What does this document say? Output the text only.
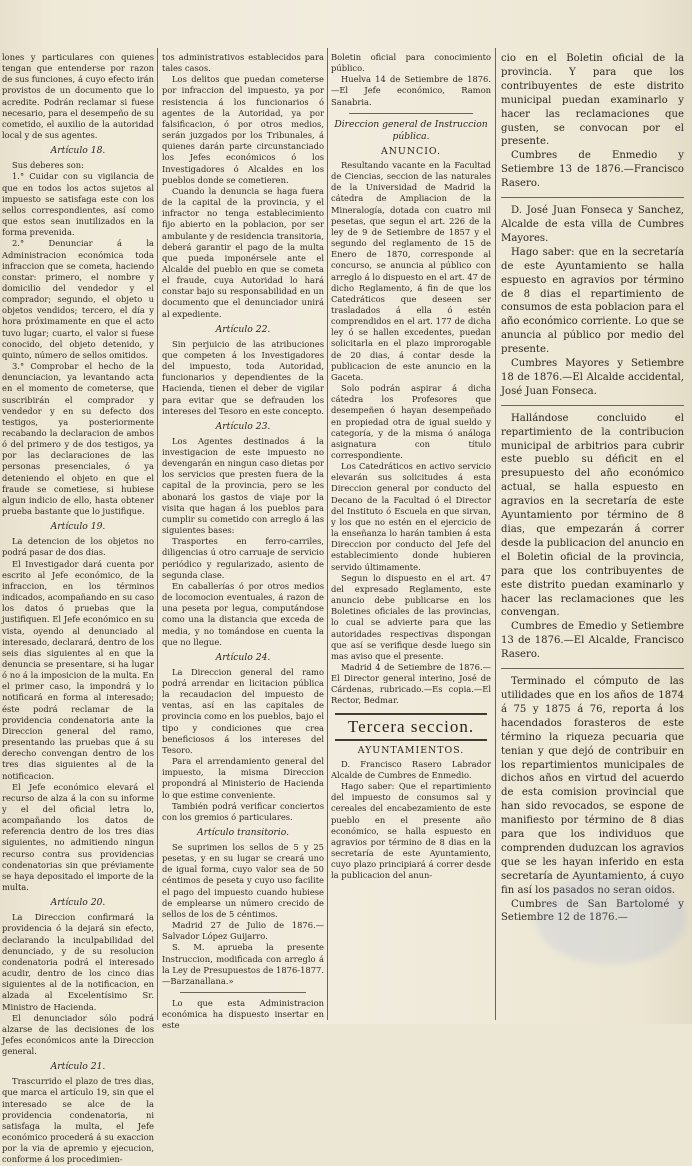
lones y particulares con quienes tengan que entenderse por razon de sus funciones, á cuyo efecto irán provistos de un documento que lo acredite. Podrán reclamar si fuese necesario, para el desempeño de su cometido, el auxilio de la autoridad local y de sus agentes.

Artículo 18.

Sus deberes son:

1.° Cuidar con su vigilancia de que en todos los actos sujetos al impuesto se satisfaga este con los sellos correspondientes, así como que estos sean inutilizados en la forma prevenida.

2.° Denunciar á la Administracion económica toda infraccion que se cometa, haciendo constar: primero, el nombre y domicilio del vendedor y el comprador; segundo, el objeto u objetos vendidos; tercero, el día y hora próximamente en que el acto tuvo lugar; cuarto, el valor si fuese conocido, del objeto detenido, y quinto, número de sellos omitidos.

3.° Comprobar el hecho de la denunciacion, ya levantando acta en el momento de cometerse, que suscribirán el comprador y vendedor y en su defecto dos testigos, ya posteriormente recabando la declaracion de ambos ó del primero y de dos testigos, ya por las declaraciones de las personas presenciales, ó ya deteniendo el objeto en que el fraude se cometiese, si hubiese algun indicio de ello, hasta obtener prueba bastante que lo justifique.

Artículo 19.

La detencion de los objetos no podrá pasar de dos dias.

El Investigador dará cuenta por escrito al Jefe económico, de la infraccion, en los términos indicados, acompañando en su caso los datos ó pruebas que la justifiquen. El Jefe económico en su vista, oyendo al denunciado al interesado, declarará, dentro de los seis dias siguientes al en que la denuncia se presentare, si ha lugar ó no á la imposicion de la multa. En el primer caso, la impondrá y lo notificará en forma al interesado; éste podrá reclamar de la providencia condenatoria ante la Direccion general del ramo, presentando las pruebas que á su derecho convengan dentro de los tres dias siguientes al de la notificacion.

El Jefe económico elevará el recurso de alza á la con su informe y el del oficial letra lo, acompañando los datos de referencia dentro de los tres dias siguientes, no admitiendo ningun recurso contra sus providencias condenatorias sin que préviamente se haya depositado el importe de la multa.

Artículo 20.

La Direccion confirmará la providencia ó la dejará sin efecto, declarando la inculpabilidad del denunciado, y de su resolucion condenatoria podrá el interesado acudir, dentro de los cinco dias siguientes al de la notificacion, en alzada al Excelentísimo Sr. Ministro de Hacienda.

El denunciador sólo podrá alzarse de las decisiones de los Jefes económicos ante la Direccion general.

Artículo 21.

Trascurrido el plazo de tres dias, que marca el artículo 19, sin que el interesado se alce de la providencia condenatoria, ni satisfaga la multa, el Jefe económico procederá á su exaccion por la via de apremio y ejecucion, conforme á los procedimien-

tos administrativos establecidos para tales casos.

Los delitos que puedan cometerse por infraccion del impuesto, ya por resistencia á los funcionarios ó agentes de la Autoridad, ya por falsificacion, ó por otros medios, serán juzgados por los Tribunales, á quienes darán parte circunstanciado los Jefes económicos ó los Investigadores ó Alcaldes en los pueblos donde se cometieren.

Cuando la denuncia se haga fuera de la capital de la provincia, y el infractor no tenga establecimiento fijo abierto en la poblacion, por ser ambulante y de residencia transitoria, deberá garantir el pago de la multa que pueda imponérsele ante el Alcalde del pueblo en que se cometa el fraude, cuya Autoridad lo hará constar bajo su responsabilidad en un documento que el denunciador unirá al expediente.

Artículo 22.

Sin perjuicio de las atribuciones que competen á los Investigadores del impuesto, toda Autoridad, funcionarios y dependientes de la Hacienda, tienen el deber de vigilar para evitar que se defrauden los intereses del Tesoro en este concepto.

Artículo 23.

Los Agentes destinados á la investigacion de este impuesto no devengarán en ningun caso dietas por los servicios que presten fuera de la capital de la provincia, pero se les abonará los gastos de viaje por la visita que hagan á los pueblos para cumplir su cometido con arreglo á las siguientes bases:

Trasportes en ferro-carriles, diligencias ú otro carruaje de servicio periódico y regularizado, asiento de segunda clase.

En caballerías ó por otros medios de locomocion eventuales, á razon de una peseta por legua, computándose como una la distancia que exceda de media, y no tomándose en cuenta la que no llegue.

Artículo 24.

La Direccion general del ramo podrá arrendar en licitacion pública la recaudacion del impuesto de ventas, así en las capitales de provincia como en los pueblos, bajo el tipo y condiciones que crea beneficiosos á los intereses del Tesoro.

Para el arrendamiento general del impuesto, la misma Direccion propondrá al Ministerio de Hacienda lo que estime conveniente.

También podrá verificar conciertos con los gremios ó particulares.

Artículo transitorio.

Se suprimen los sellos de 5 y 25 pesetas, y en su lugar se creará uno de igual forma, cuyo valor sea de 50 céntimos de peseta y cuyo uso facilite el pago del impuesto cuando hubiese de emplearse un número crecido de sellos de los de 5 céntimos.

Madrid 27 de Julio de 1876.—Salvador López Guijarro.

S. M. aprueba la presente Instruccion, modificada con arreglo á la Ley de Presupuestos de 1876-1877.—Barzanallana.»

Lo que esta Administracion económica ha dispuesto insertar en este

Boletin oficial para conocimiento público.

Huelva 14 de Setiembre de 1876.—El Jefe económico, Ramon Sanabria.

Direccion general de Instruccion pública.
ANUNCIO.

Resultando vacante en la Facultad de Ciencias, seccion de las naturales de la Universidad de Madrid la cátedra de Ampliacion de la Mineralogía, dotada con cuatro mil pesetas, que segun el art. 226 de la ley de 9 de Setiembre de 1857 y el segundo del reglamento de 15 de Enero de 1870, corresponde al concurso, se anuncia al público con arreglo á lo dispuesto en el art. 47 de dicho Reglamento, á fin de que los Catedráticos que deseen ser trasladados á ella ó estén comprendidos en el art. 177 de dicha ley ó se hallen excedentes, puedan solicitarla en el plazo improrogable de 20 dias, á contar desde la publicacion de este anuncio en la Gaceta.

Solo podrán aspirar á dicha cátedra los Profesores que desempeñen ó hayan desempeñado en propiedad otra de igual sueldo y categoría, y de la misma ó análoga asignatura con título correspondiente.

Los Catedráticos en activo servicio elevarán sus solicitudes á esta Direccion general por conducto del Decano de la Facultad ó el Director del Instituto ó Escuela en que sirvan, y los que no estén en el ejercicio de la enseñanza lo harán tambien á esta Direccion por conducto del Jefe del establecimiento donde hubieren servido últimamente.

Segun lo dispuesto en el art. 47 del expresado Reglamento, este anuncio debe publicarse en los Boletines oficiales de las provincias, lo cual se advierte para que las autoridades respectivas dispongan que así se verifique desde luego sin mas aviso que el presente.

Madrid 4 de Setiembre de 1876.—El Director general interino, José de Cárdenas, rubricado.—Es copia.—El Rector, Bedmar.

Tercera seccion.
AYUNTAMIENTOS.

D. Francisco Rasero Labrador Alcalde de Cumbres de Enmedio.

Hago saber: Que el repartimiento del impuesto de consumos sal y cereales del encabezamiento de este pueblo en el presente año económico, se halla espuesto en agravios por término de 8 dias en la secretaría de este Ayuntamiento, cuyo plazo principiará á correr desde la publicacion del anun-

cio en el Boletin oficial de la provincia. Y para que los contribuyentes de este distrito municipal puedan examinarlo y hacer las reclamaciones que gusten, se convocan por el presente.

Cumbres de Enmedio y Setiembre 13 de 1876.—Francisco Rasero.

D. José Juan Fonseca y Sanchez, Alcalde de esta villa de Cumbres Mayores.

Hago saber: que en la secretaría de este Ayuntamiento se halla espuesto en agravios por término de 8 dias el repartimiento de consumos de esta poblacion para el año económico corriente. Lo que se anuncia al público por medio del presente.

Cumbres Mayores y Setiembre 18 de 1876.—El Alcalde accidental, José Juan Fonseca.

Hallándose concluido el repartimiento de la contribucion municipal de arbitrios para cubrir este pueblo su déficit en el presupuesto del año económico actual, se halla espuesto en agravios en la secretaría de este Ayuntamiento por término de 8 dias, que empezarán á correr desde la publicacion del anuncio en el Boletin oficial de la provincia, para que los contribuyentes de este distrito puedan examinarlo y hacer las reclamaciones que les convengan.

Cumbres de Emedio y Setiembre 13 de 1876.—El Alcalde, Francisco Rasero.

Terminado el cómputo de las utilidades que en los años de 1874 á 75 y 1875 á 76, reporta á los hacendados forasteros de este término la riqueza pecuaria que tenian y que dejó de contribuir en los repartimientos municipales de dichos años en virtud del acuerdo de esta comision provincial que han sido revocados, se espone de manifiesto por término de 8 dias para que los individuos que comprenden duduzcan los agravios que se les hayan inferido en esta secretaría de Ayuntamiento, á cuyo fin así los pasados no seran oidos.

Cumbres de San Bartolomé y Setiembre 12 de 1876.—
